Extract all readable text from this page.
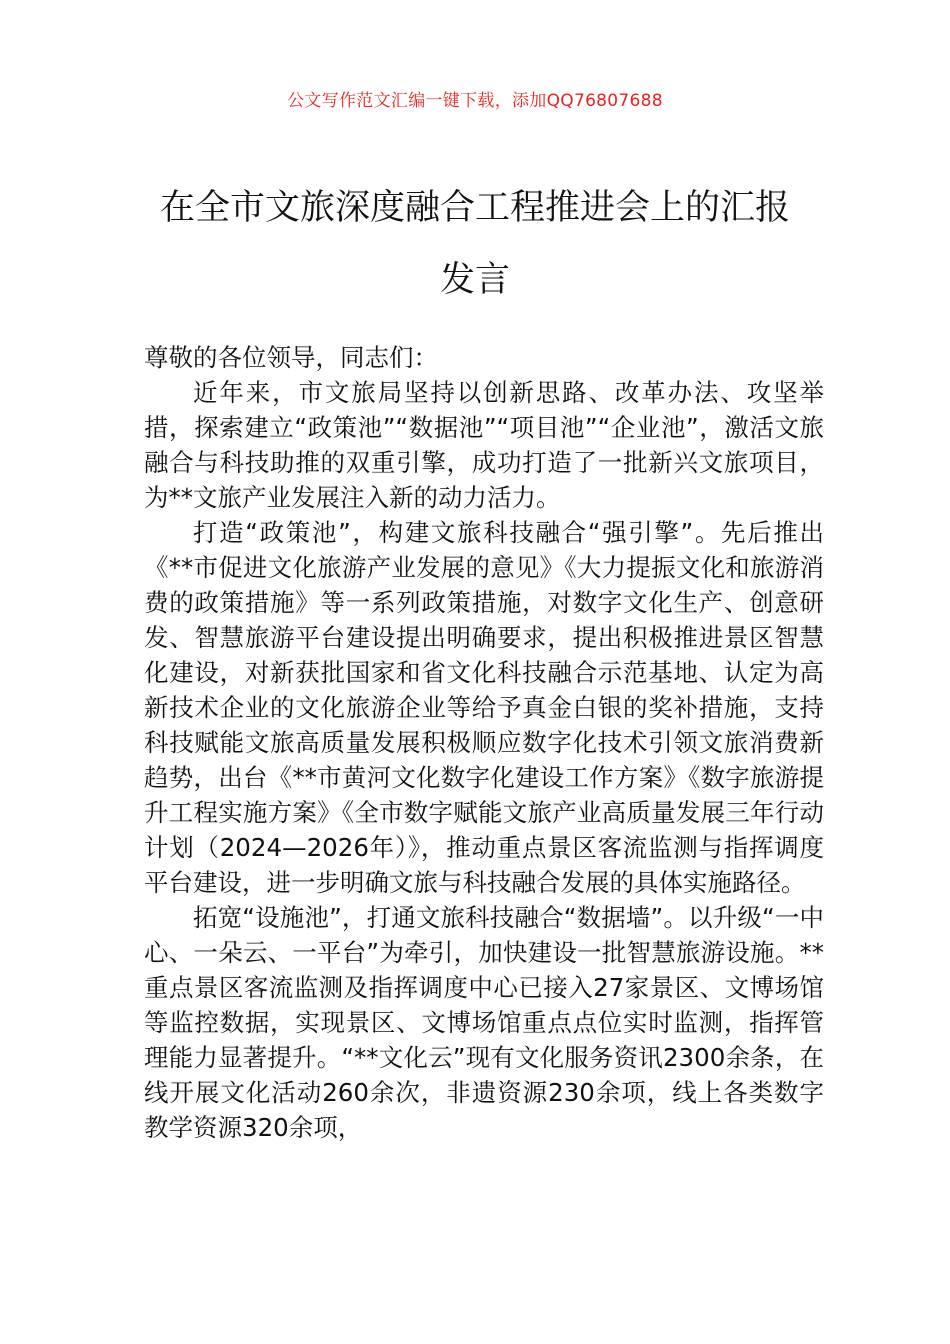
公文写作范文汇编一键下载，添加QQ76807688
在全市文旅深度融合工程推进会上的汇报
发言

尊敬的各位领导，同志们：

近年来，市文旅局坚持以创新思路、改革办法、攻坚举措，探索建立“政策池”“数据池”“项目池”“企业池”，激活文旅融合与科技助推的双重引擎，成功打造了一批新兴文旅项目，为**文旅产业发展注入新的动力活力。

打造“政策池”，构建文旅科技融合“强引擎”。先后推出《**市促进文化旅游产业发展的意见》《大力提振文化和旅游消费的政策措施》等一系列政策措施，对数字文化生产、创意研发、智慧旅游平台建设提出明确要求，提出积极推进景区智慧化建设，对新获批国家和省文化科技融合示范基地、认定为高新技术企业的文化旅游企业等给予真金白银的奖补措施，支持科技赋能文旅高质量发展积极顺应数字化技术引领文旅消费新趋势，出台《**市黄河文化数字化建设工作方案》《数字旅游提升工程实施方案》《全市数字赋能文旅产业高质量发展三年行动计划（2024—2026年）》，推动重点景区客流监测与指挥调度平台建设，进一步明确文旅与科技融合发展的具体实施路径。

拓宽“设施池”，打通文旅科技融合“数据墙”。以升级“一中心、一朵云、一平台”为牵引，加快建设一批智慧旅游设施。**重点景区客流监测及指挥调度中心已接入27家景区、文博场馆等监控数据，实现景区、文博场馆重点点位实时监测，指挥管理能力显著提升。“**文化云”现有文化服务资讯2300余条，在线开展文化活动260余次，非遗资源230余项，线上各类数字教学资源320余项，
